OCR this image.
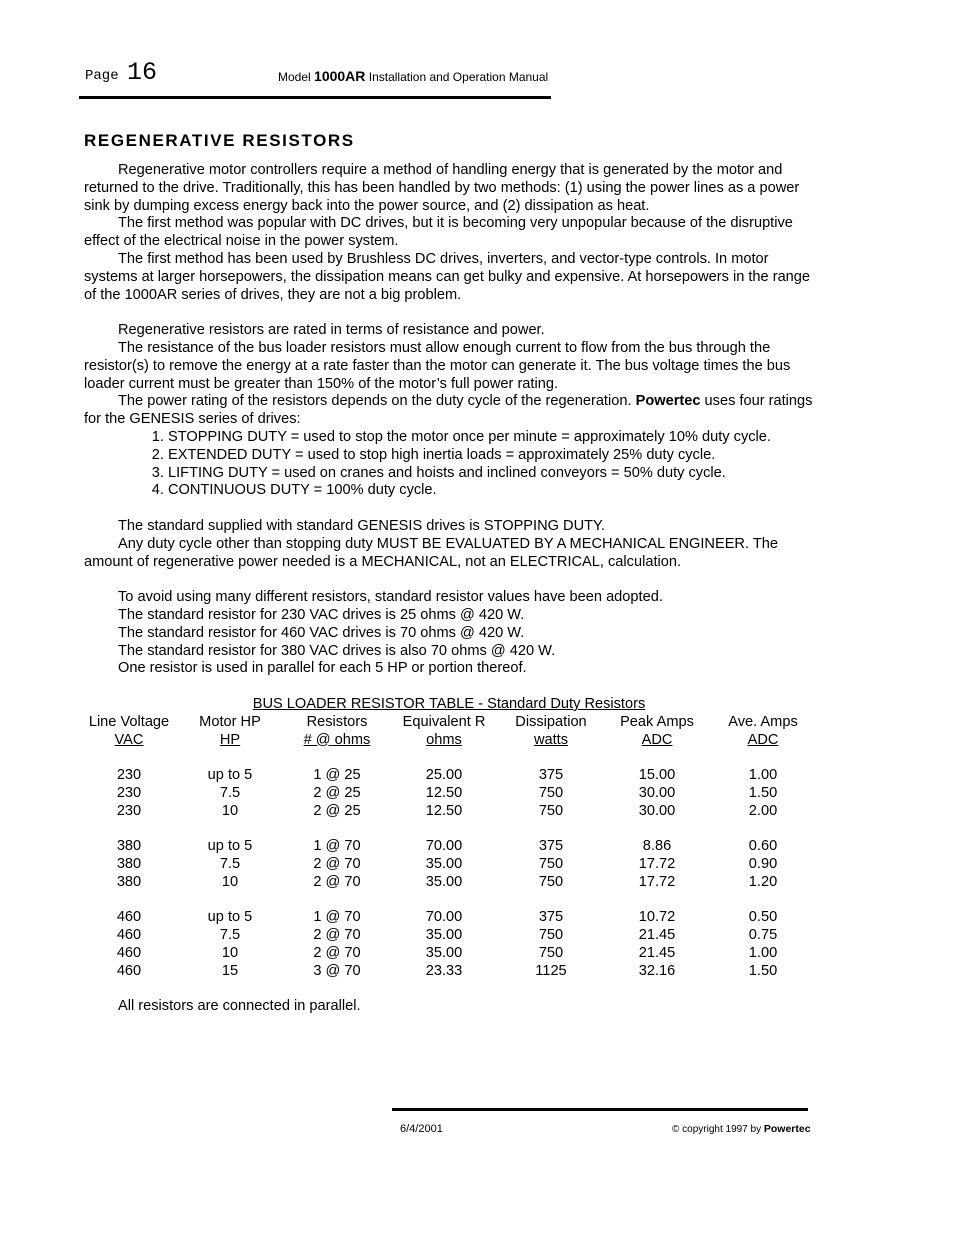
Page 16	Model 1000AR Installation and Operation Manual
REGENERATIVE RESISTORS

Regenerative motor controllers require a method of handling energy that is generated by the motor and returned to the drive. Traditionally, this has been handled by two methods: (1) using the power lines as a power sink by dumping excess energy back into the power source, and (2) dissipation as heat.

The first method was popular with DC drives, but it is becoming very unpopular because of the disruptive effect of the electrical noise in the power system.

The first method has been used by Brushless DC drives, inverters, and vector-type controls. In motor systems at larger horsepowers, the dissipation means can get bulky and expensive. At horsepowers in the range of the 1000AR series of drives, they are not a big problem.

Regenerative resistors are rated in terms of resistance and power.

The resistance of the bus loader resistors must allow enough current to flow from the bus through the resistor(s) to remove the energy at a rate faster than the motor can generate it. The bus voltage times the bus loader current must be greater than 150% of the motor’s full power rating.

The power rating of the resistors depends on the duty cycle of the regeneration. Powertec uses four ratings for the GENESIS series of drives:

1. STOPPING DUTY = used to stop the motor once per minute = approximately 10% duty cycle.
2. EXTENDED DUTY = used to stop high inertia loads = approximately 25% duty cycle.
3. LIFTING DUTY = used on cranes and hoists and inclined conveyors = 50% duty cycle.
4. CONTINUOUS DUTY = 100% duty cycle.

The standard supplied with standard GENESIS drives is STOPPING DUTY.

Any duty cycle other than stopping duty MUST BE EVALUATED BY A MECHANICAL ENGINEER. The amount of regenerative power needed is a MECHANICAL, not an ELECTRICAL, calculation.

To avoid using many different resistors, standard resistor values have been adopted.

The standard resistor for 230 VAC drives is 25 ohms @ 420 W.

The standard resistor for 460 VAC drives is 70 ohms @ 420 W.

The standard resistor for 380 VAC drives is also 70 ohms @ 420 W.

One resistor is used in parallel for each 5 HP or portion thereof.

BUS LOADER RESISTOR TABLE - Standard Duty Resistors
Line Voltage	Motor HP	Resistors	Equivalent R	Dissipation	Peak Amps	Ave. Amps
VAC	HP	# @ ohms	ohms	watts	ADC	ADC

230	up to 5	1 @ 25	25.00	375	15.00	1.00
230	7.5	2 @ 25	12.50	750	30.00	1.50
230	10	2 @ 25	12.50	750	30.00	2.00

380	up to 5	1 @ 70	70.00	375	8.86	0.60
380	7.5	2 @ 70	35.00	750	17.72	0.90
380	10	2 @ 70	35.00	750	17.72	1.20

460	up to 5	1 @ 70	70.00	375	10.72	0.50
460	7.5	2 @ 70	35.00	750	21.45	0.75
460	10	2 @ 70	35.00	750	21.45	1.00
460	15	3 @ 70	23.33	1125	32.16	1.50

All resistors are connected in parallel.

6/4/2001	© copyright 1997 by Powertec
